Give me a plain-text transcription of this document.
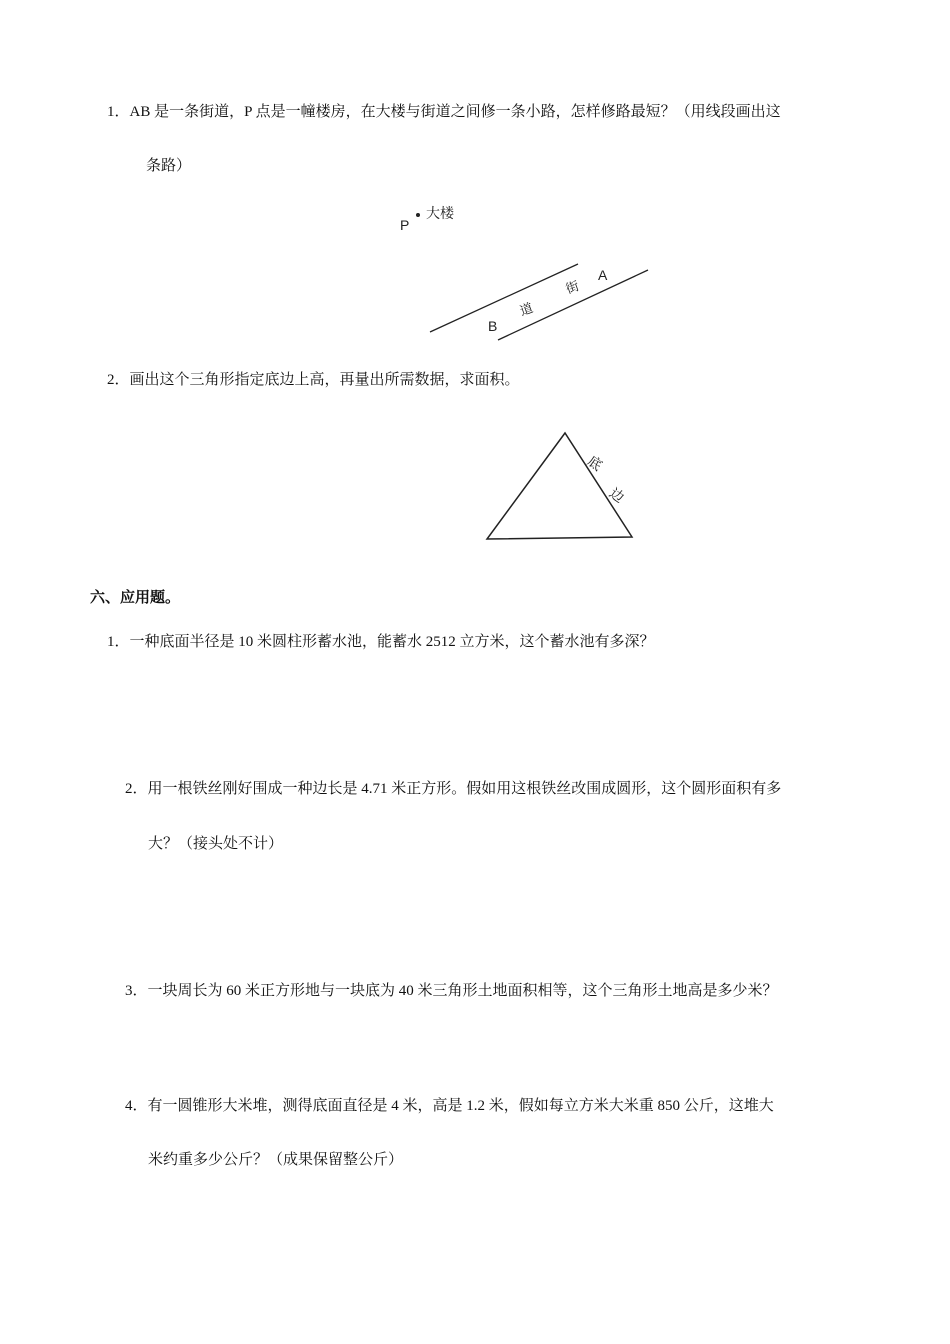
1．AB 是一条街道，P 点是一幢楼房，在大楼与街道之间修一条小路，怎样修路最短？（用线段画出这
条路）
P
大楼
街
道
A
B
2．画出这个三角形指定底边上高，再量出所需数据，求面积。
底
边
六、应用题。
1．一种底面半径是 10 米圆柱形蓄水池，能蓄水 2512 立方米，这个蓄水池有多深？
2．用一根铁丝刚好围成一种边长是 4.71 米正方形。假如用这根铁丝改围成圆形，这个圆形面积有多
大？（接头处不计）
3．一块周长为 60 米正方形地与一块底为 40 米三角形土地面积相等，这个三角形土地高是多少米？
4．有一圆锥形大米堆，测得底面直径是 4 米，高是 1.2 米，假如每立方米大米重 850 公斤，这堆大
米约重多少公斤？（成果保留整公斤）
